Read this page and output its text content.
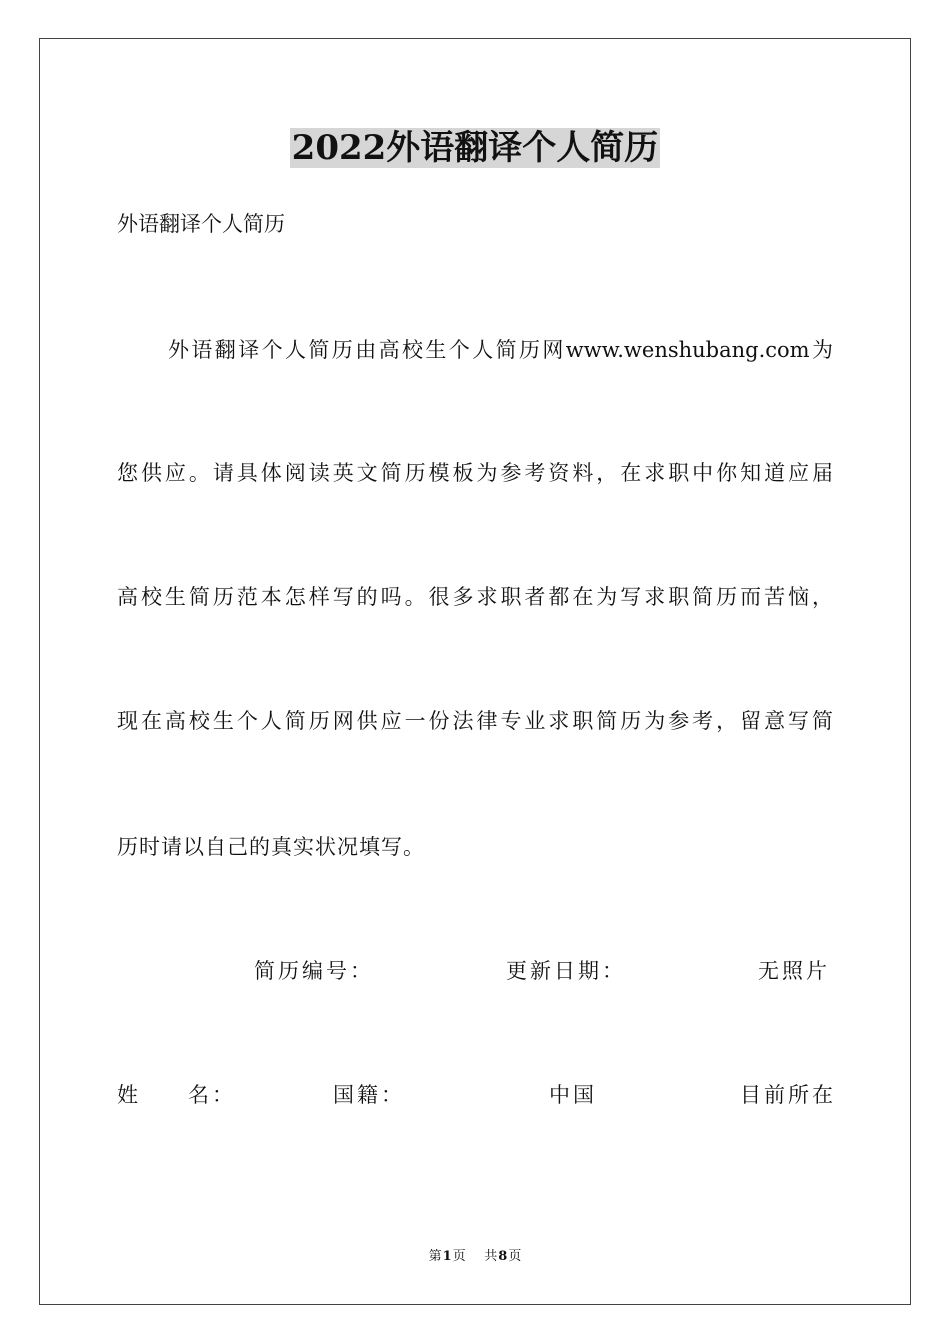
2022外语翻译个人简历
外语翻译个人简历
外语翻译个人简历由高校生个人简历网www.wenshubang.com为
您供应。请具体阅读英文简历模板为参考资料，在求职中你知道应届
高校生简历范本怎样写的吗。很多求职者都在为写求职简历而苦恼，
现在高校生个人简历网供应一份法律专业求职简历为参考，留意写简
历时请以自己的真实状况填写。
简历编号：	更新日期：	无照片
姓 名：	国籍：	中国	目前所在
第1页 共8页
